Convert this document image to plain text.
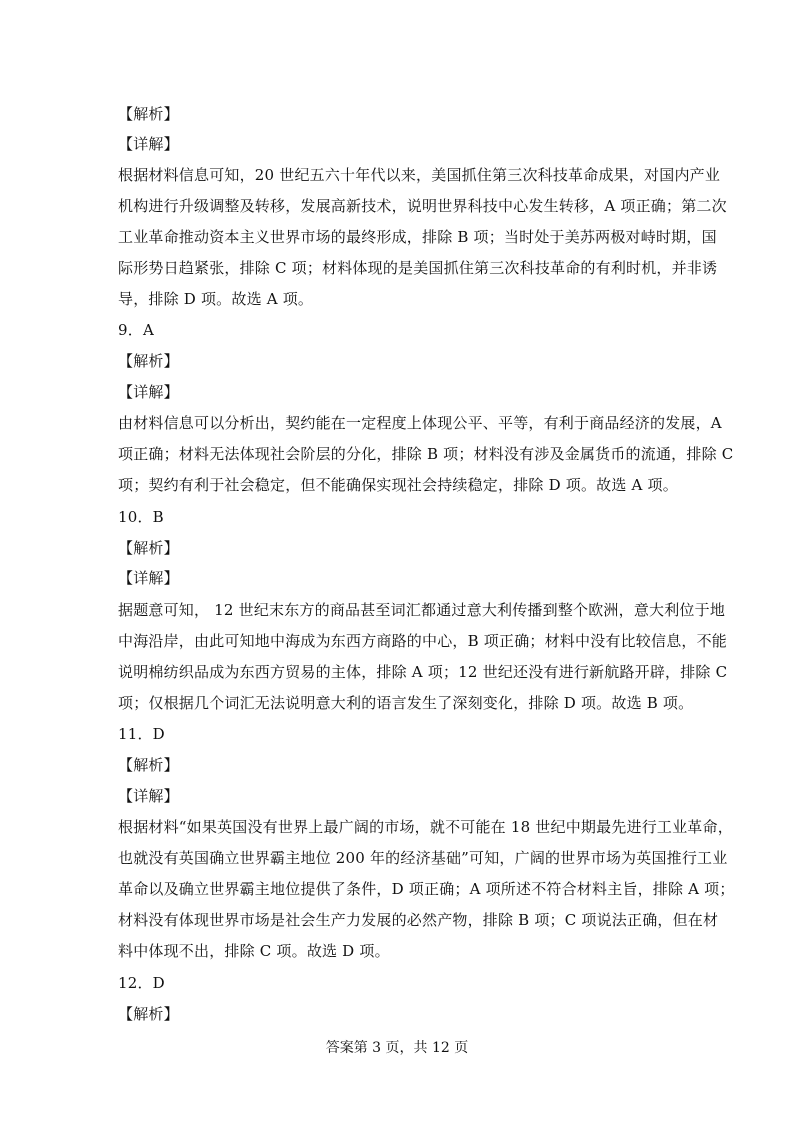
【解析】
【详解】
根据材料信息可知，20 世纪五六十年代以来，美国抓住第三次科技革命成果，对国内产业
机构进行升级调整及转移，发展高新技术，说明世界科技中心发生转移，A 项正确；第二次
工业革命推动资本主义世界市场的最终形成，排除 B 项；当时处于美苏两极对峙时期，国
际形势日趋紧张，排除 C 项；材料体现的是美国抓住第三次科技革命的有利时机，并非诱
导，排除 D 项。故选 A 项。
9．A
【解析】
【详解】
由材料信息可以分析出，契约能在一定程度上体现公平、平等，有利于商品经济的发展，A
项正确；材料无法体现社会阶层的分化，排除 B 项；材料没有涉及金属货币的流通，排除 C
项；契约有利于社会稳定，但不能确保实现社会持续稳定，排除 D 项。故选 A 项。
10．B
【解析】
【详解】
据题意可知， 12 世纪末东方的商品甚至词汇都通过意大利传播到整个欧洲，意大利位于地
中海沿岸，由此可知地中海成为东西方商路的中心，B 项正确；材料中没有比较信息，不能
说明棉纺织品成为东西方贸易的主体，排除 A 项；12 世纪还没有进行新航路开辟，排除 C
项；仅根据几个词汇无法说明意大利的语言发生了深刻变化，排除 D 项。故选 B 项。
11．D
【解析】
【详解】
根据材料“如果英国没有世界上最广阔的市场，就不可能在 18 世纪中期最先进行工业革命，
也就没有英国确立世界霸主地位 200 年的经济基础”可知，广阔的世界市场为英国推行工业
革命以及确立世界霸主地位提供了条件，D 项正确；A 项所述不符合材料主旨，排除 A 项；
材料没有体现世界市场是社会生产力发展的必然产物，排除 B 项；C 项说法正确，但在材
料中体现不出，排除 C 项。故选 D 项。
12．D
【解析】
答案第 3 页，共 12 页
